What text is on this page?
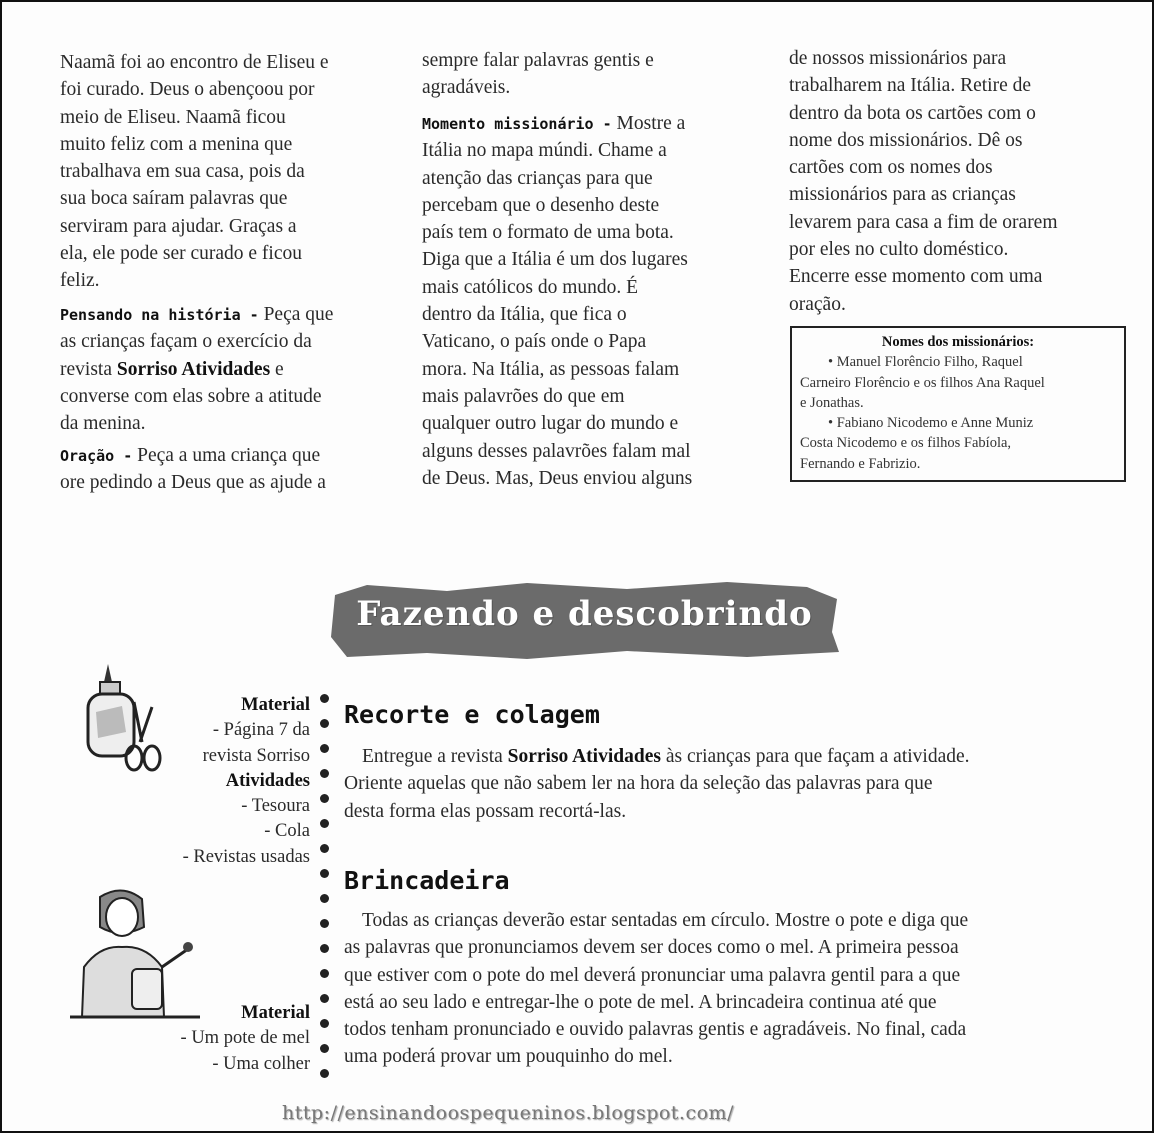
Naamã foi ao encontro de Eliseu e
foi curado. Deus o abençoou por
meio de Eliseu. Naamã ficou
muito feliz com a menina que
trabalhava em sua casa, pois da
sua boca saíram palavras que
serviram para ajudar. Graças a
ela, ele pode ser curado e ficou
feliz.
Pensando na história - Peça que
as crianças façam o exercício da
revista Sorriso Atividades e
converse com elas sobre a atitude
da menina.
Oração - Peça a uma criança que
ore pedindo a Deus que as ajude a
sempre falar palavras gentis e
agradáveis.
Momento missionário - Mostre a
Itália no mapa múndi. Chame a
atenção das crianças para que
percebam que o desenho deste
país tem o formato de uma bota.
Diga que a Itália é um dos lugares
mais católicos do mundo. É
dentro da Itália, que fica o
Vaticano, o país onde o Papa
mora. Na Itália, as pessoas falam
mais palavrões do que em
qualquer outro lugar do mundo e
alguns desses palavrões falam mal
de Deus. Mas, Deus enviou alguns
de nossos missionários para
trabalharem na Itália. Retire de
dentro da bota os cartões com o
nome dos missionários. Dê os
cartões com os nomes dos
missionários para as crianças
levarem para casa a fim de orarem
por eles no culto doméstico.
Encerre esse momento com uma
oração.
Nomes dos missionários:
• Manuel Florêncio Filho, Raquel
Carneiro Florêncio e os filhos Ana Raquel
e Jonathas.
• Fabiano Nicodemo e Anne Muniz
Costa Nicodemo e os filhos Fabíola,
Fernando e Fabrizio.
Fazendo e descobrindo
Material
- Página 7 da
revista Sorriso
Atividades
- Tesoura
- Cola
- Revistas usadas
Material
- Um pote de mel
- Uma colher
Recorte e colagem
Entregue a revista Sorriso Atividades às crianças para que façam a atividade.
Oriente aquelas que não sabem ler na hora da seleção das palavras para que
desta forma elas possam recortá-las.
Brincadeira
Todas as crianças deverão estar sentadas em círculo. Mostre o pote e diga que
as palavras que pronunciamos devem ser doces como o mel. A primeira pessoa
que estiver com o pote do mel deverá pronunciar uma palavra gentil para a que
está ao seu lado e entregar-lhe o pote de mel. A brincadeira continua até que
todos tenham pronunciado e ouvido palavras gentis e agradáveis. No final, cada
uma poderá provar um pouquinho do mel.
http://ensinandoospequeninos.blogspot.com/
